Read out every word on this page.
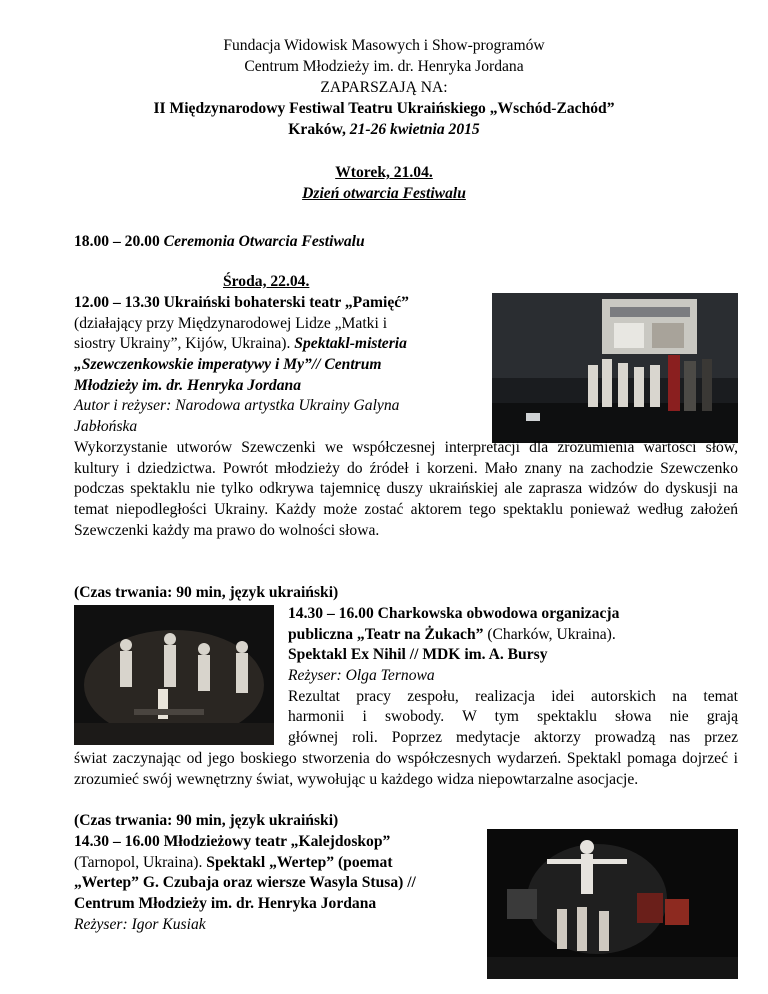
Fundacja Widowisk Masowych i Show-programów
Centrum Młodzieży im. dr. Henryka Jordana
ZAPARSZAJĄ NA:
II Międzynarodowy Festiwal Teatru Ukraińskiego „Wschód-Zachód”
Kraków, 21-26 kwietnia 2015
Wtorek, 21.04.
Dzień otwarcia Festiwalu
18.00 – 20.00 Ceremonia Otwarcia Festiwalu
Środa, 22.04.
12.00 – 13.30 Ukraiński bohaterski teatr „Pamięć”
(działający przy Międzynarodowej Lidze „Matki i
siostry Ukrainy”, Kijów, Ukraina). Spektakl-misteria
„Szewczenkowskie imperatywy i My”// Centrum
Młodzieży im. dr. Henryka Jordana
Autor i reżyser: Narodowa artystka Ukrainy Galyna
Jabłońska
Wykorzystanie utworów Szewczenki we współczesnej interpretacji dla zrozumienia wartości słów, kultury i dziedzictwa. Powrót młodzieży do źródeł i korzeni. Mało znany na zachodzie Szewczenko podczas spektaklu nie tylko odkrywa tajemnicę duszy ukraińskiej ale zaprasza widzów do dyskusji na temat niepodległości Ukrainy. Każdy może zostać aktorem tego spektaklu ponieważ według założeń Szewczenki każdy ma prawo do wolności słowa.
(Czas trwania: 90 min, język ukraiński)
14.30 – 16.00 Charkowska obwodowa organizacja
publiczna „Teatr na Żukach” (Charków, Ukraina).
Spektakl Ex Nihil // MDK im. A. Bursy
Reżyser: Olga Ternowa
Rezultat pracy zespołu, realizacja idei autorskich na temat
harmonii i swobody. W tym spektaklu słowa nie grają
głównej roli. Poprzez medytacje aktorzy prowadzą nas przez
świat zaczynając od jego boskiego stworzenia do współczesnych wydarzeń. Spektakl pomaga dojrzeć i zrozumieć swój wewnętrzny świat, wywołując u każdego widza niepowtarzalne asocjacje.
(Czas trwania: 90 min, język ukraiński)
14.30 – 16.00 Młodzieżowy teatr „Kalejdoskop”
(Tarnopol, Ukraina). Spektakl „Wertep” (poemat
„Wertep” G. Czubaja oraz wiersze Wasyla Stusa) //
Centrum Młodzieży im. dr. Henryka Jordana
Reżyser: Igor Kusiak
